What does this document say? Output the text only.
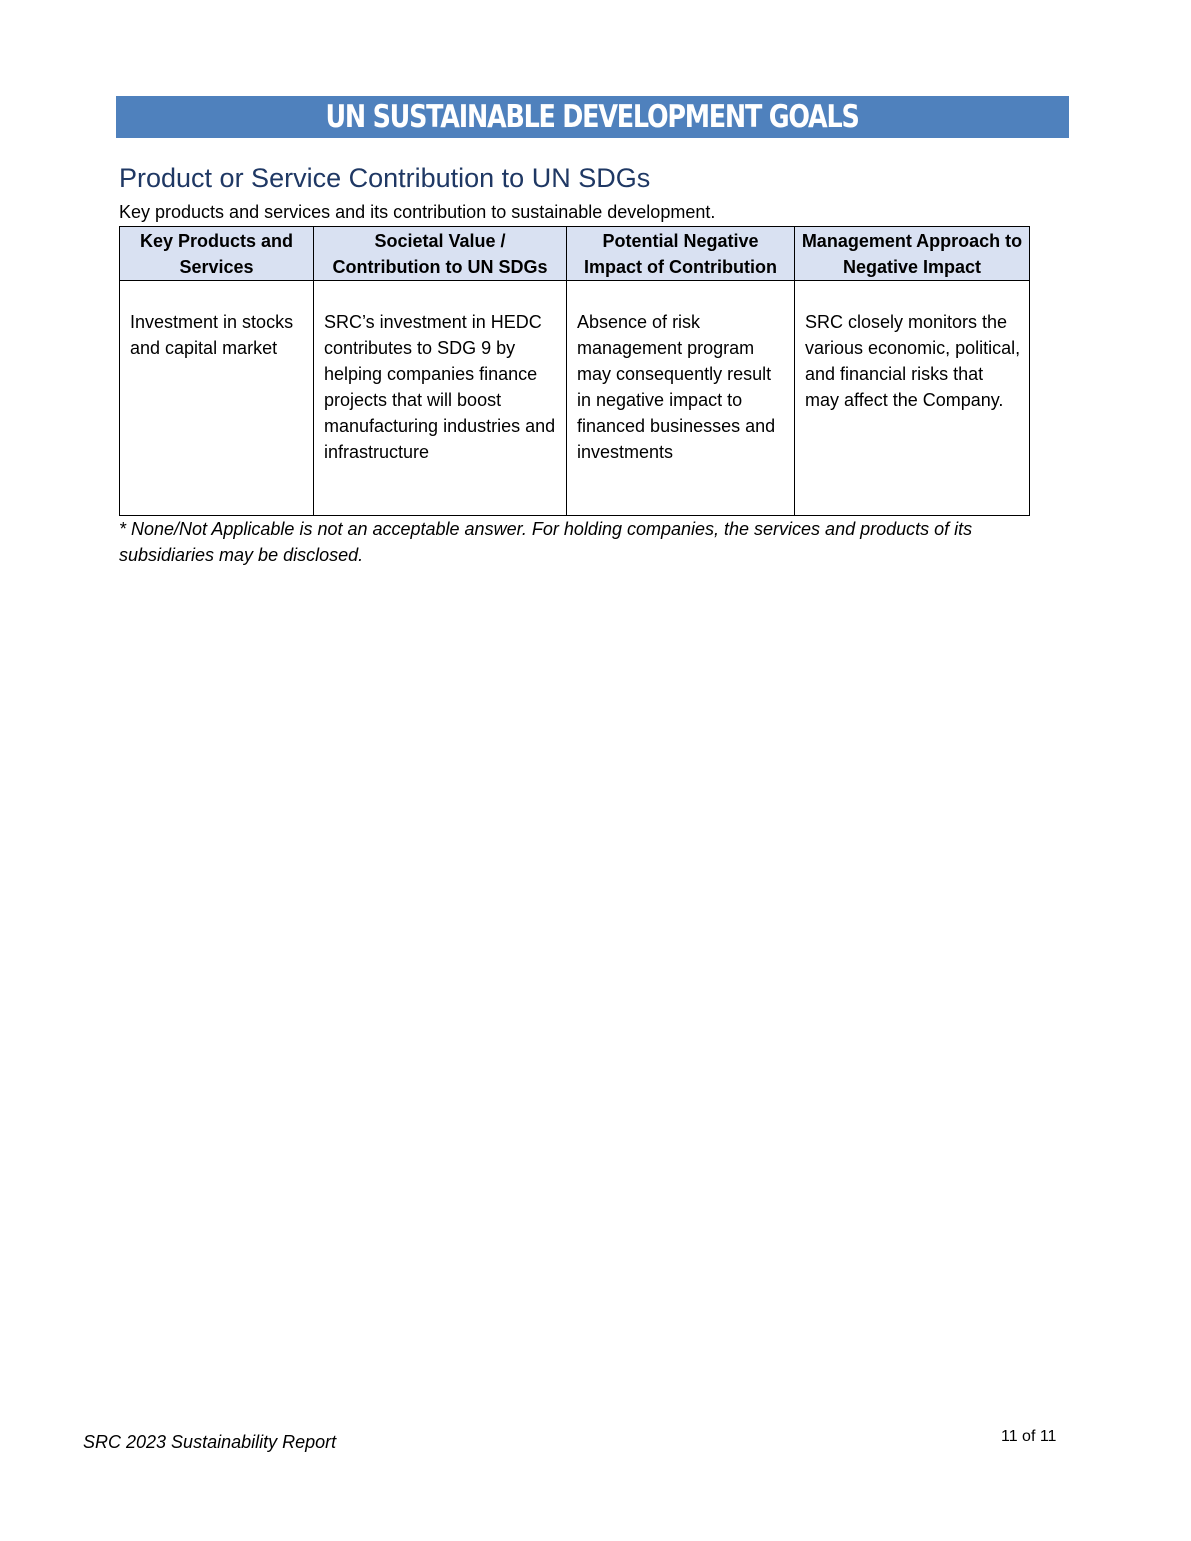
UN SUSTAINABLE DEVELOPMENT GOALS
Product or Service Contribution to UN SDGs
Key products and services and its contribution to sustainable development.
Key Products and Services	Societal Value / Contribution to UN SDGs	Potential Negative Impact of Contribution	Management Approach to Negative Impact
Investment in stocks and capital market	SRC’s investment in HEDC contributes to SDG 9 by helping companies finance projects that will boost manufacturing industries and infrastructure	Absence of risk management program may consequently result in negative impact to financed businesses and investments	SRC closely monitors the various economic, political, and financial risks that may affect the Company.
* None/Not Applicable is not an acceptable answer. For holding companies, the services and products of its subsidiaries may be disclosed.
SRC 2023 Sustainability Report	11 of 11
